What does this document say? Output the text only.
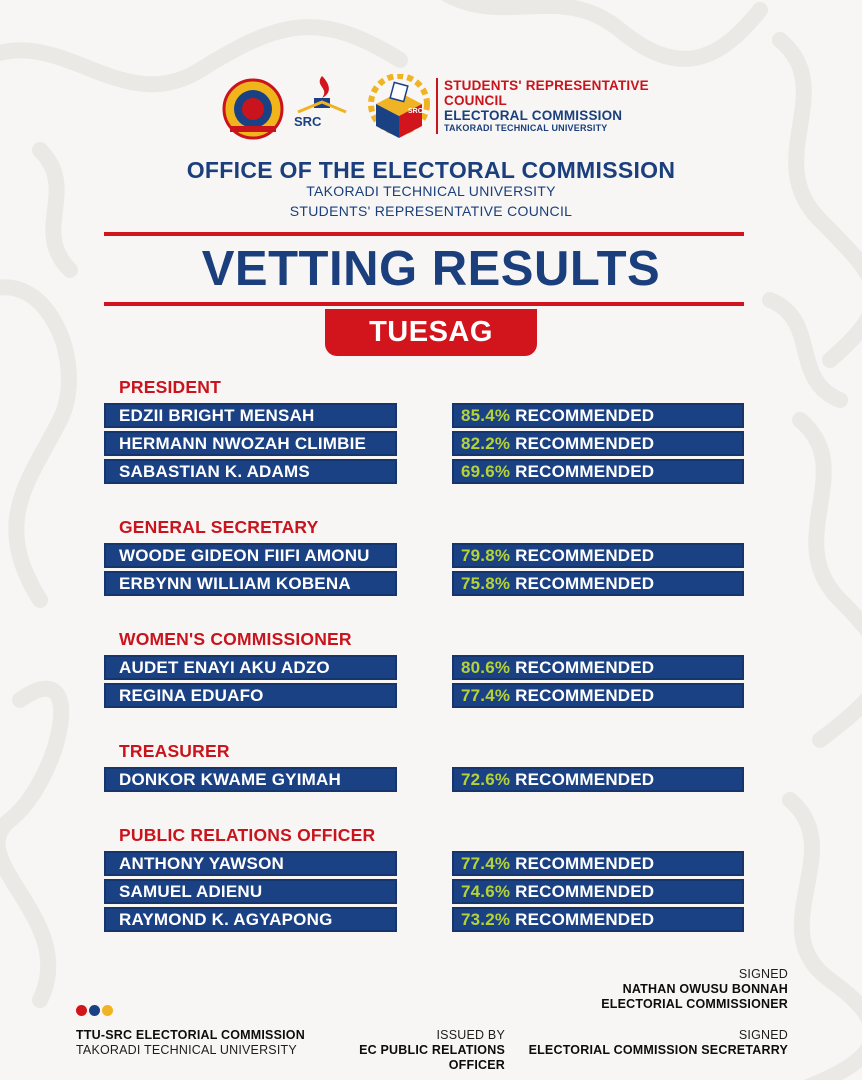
SRC
SRC
STUDENTS' REPRESENTATIVE
COUNCIL
ELECTORAL COMMISSION
TAKORADI TECHNICAL UNIVERSITY
OFFICE OF THE ELECTORAL COMMISSION
TAKORADI TECHNICAL UNIVERSITY
STUDENTS' REPRESENTATIVE COUNCIL
VETTING RESULTS
TUESAG
PRESIDENT
EDZII BRIGHT MENSAH	85.4% RECOMMENDED
HERMANN NWOZAH CLIMBIE	82.2% RECOMMENDED
SABASTIAN K. ADAMS	69.6% RECOMMENDED
GENERAL SECRETARY
WOODE GIDEON FIIFI AMONU	79.8% RECOMMENDED
ERBYNN WILLIAM KOBENA	75.8% RECOMMENDED
WOMEN'S COMMISSIONER
AUDET ENAYI AKU ADZO	80.6% RECOMMENDED
REGINA EDUAFO	77.4% RECOMMENDED
TREASURER
DONKOR KWAME GYIMAH	72.6% RECOMMENDED
PUBLIC RELATIONS OFFICER
ANTHONY YAWSON	77.4% RECOMMENDED
SAMUEL ADIENU	74.6% RECOMMENDED
RAYMOND K. AGYAPONG	73.2% RECOMMENDED
TTU-SRC ELECTORIAL COMMISSION
TAKORADI TECHNICAL UNIVERSITY
ISSUED BY
EC PUBLIC RELATIONS OFFICER
SIGNED
NATHAN OWUSU BONNAH
ELECTORIAL COMMISSIONER
SIGNED
ELECTORIAL COMMISSION SECRETARRY
